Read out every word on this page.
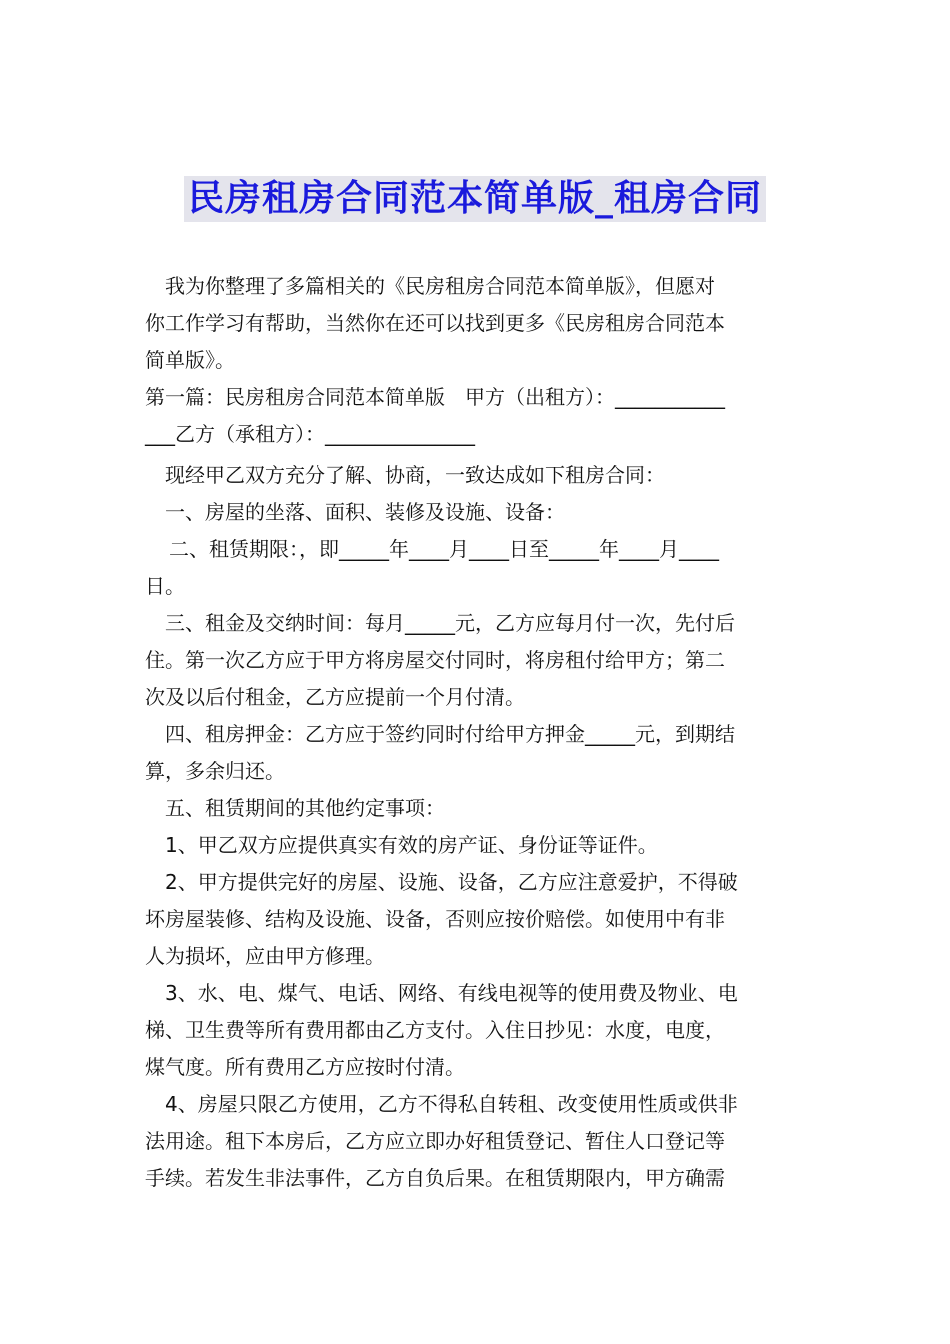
民房租房合同范本简单版_租房合同
我为你整理了多篇相关的《民房租房合同范本简单版》，但愿对
你工作学习有帮助，当然你在还可以找到更多《民房租房合同范本
简单版》。
第一篇：民房租房合同范本简单版　甲方（出租方）：___________
___乙方（承租方）：_______________
现经甲乙双方充分了解、协商，一致达成如下租房合同：
一、房屋的坐落、面积、装修及设施、设备：
二、租赁期限：，即_____年____月____日至_____年____月____
日。
三、租金及交纳时间：每月_____元，乙方应每月付一次，先付后
住。第一次乙方应于甲方将房屋交付同时，将房租付给甲方；第二
次及以后付租金，乙方应提前一个月付清。
四、租房押金：乙方应于签约同时付给甲方押金_____元，到期结
算，多余归还。
五、租赁期间的其他约定事项：
1、甲乙双方应提供真实有效的房产证、身份证等证件。
2、甲方提供完好的房屋、设施、设备，乙方应注意爱护，不得破
坏房屋装修、结构及设施、设备，否则应按价赔偿。如使用中有非
人为损坏，应由甲方修理。
3、水、电、煤气、电话、网络、有线电视等的使用费及物业、电
梯、卫生费等所有费用都由乙方支付。入住日抄见：水度，电度，
煤气度。所有费用乙方应按时付清。
4、房屋只限乙方使用，乙方不得私自转租、改变使用性质或供非
法用途。租下本房后，乙方应立即办好租赁登记、暂住人口登记等
手续。若发生非法事件，乙方自负后果。在租赁期限内，甲方确需
